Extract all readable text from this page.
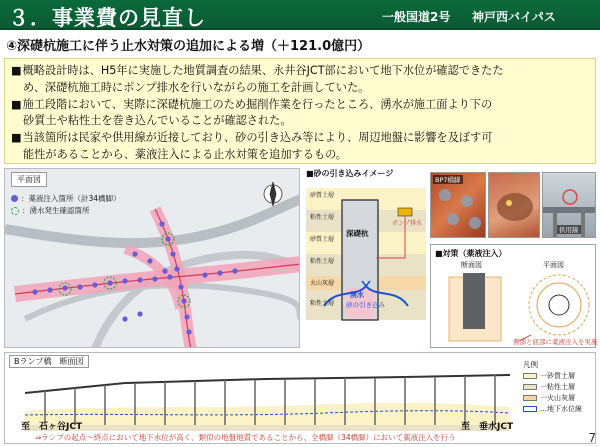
３．事業費の見直し	一般国道2号 神戸西バイパス
④深礎杭施工に伴う止水対策の追加による増（＋121.0億円）
■概略設計時は、H5年に実施した地質調査の結果、永井谷JCT部において地下水位が確認できたた
め、深礎杭施工時にポンプ排水を行いながらの施工を計画していた。
■施工段階において、実際に深礎杭施工のため掘削作業を行ったところ、湧水が施工面より下の
砂質土や粘性土を巻き込んでいることが確認された。
■当該箇所は民家や供用線が近接しており、砂の引き込み等により、周辺地盤に影響を及ぼす可
能性があることから、薬液注入による止水対策を追加するもの。
平面図
：薬液注入箇所（計34橋脚）
：湧水発生確認箇所
■砂の引き込みイメージ
砂質土層
粘性土層
砂質土層
粘性土層
火山灰層
粘性土層
深礎杭
ポンプ排水
湧水
砂の引き込み
BP7橋脚
供用線
■対策（薬液注入）
断面図	平面図
側部と底部に薬液注入を実施
Bランプ橋　断面図	凡例
一砂質土層
一粘性土層
一火山灰層
…地下水位線
至　石ヶ谷JCT	至　垂水JCT
⇒ランプの起点～終点において地下水位が高く、類似の地盤地質であることから、全橋脚（34橋脚）において薬液注入を行う	7
